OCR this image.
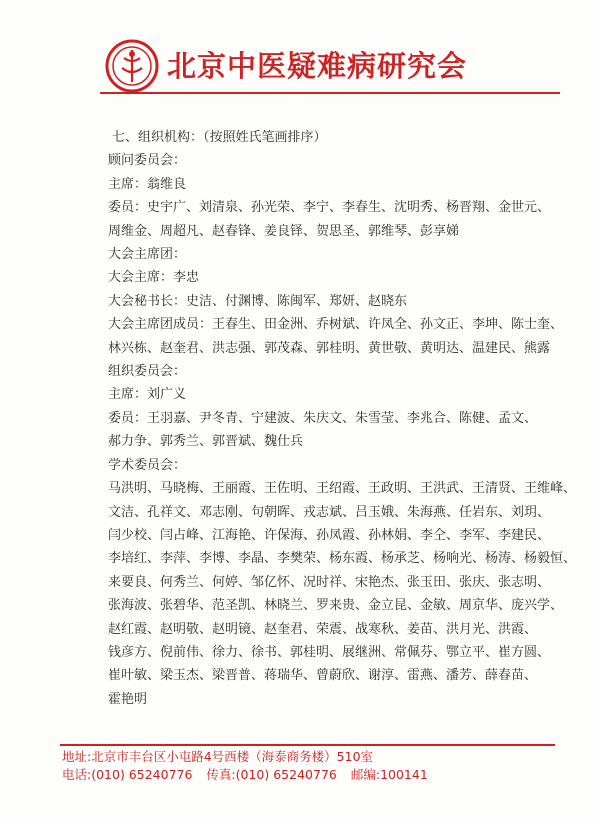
北京中医疑难病研究会
七、组织机构：（按照姓氏笔画排序）
顾问委员会：
主席：翁维良
委员：史宇广、刘清泉、孙光荣、李宁、李春生、沈明秀、杨晋翔、金世元、
周维金、周超凡、赵春锋、姜良铎、贺思圣、郭维琴、彭享娣
大会主席团：
大会主席：李忠
大会秘书长：史洁、付渊博、陈闽军、郑妍、赵晓东
大会主席团成员：王春生、田金洲、乔树斌、许凤全、孙文正、李坤、陈士奎、
林兴栋、赵奎君、洪志强、郭茂森、郭桂明、黄世敬、黄明达、温建民、熊露
组织委员会：
主席：刘广义
委员：王羽嘉、尹冬青、宁建波、朱庆文、朱雪莹、李兆合、陈健、孟文、
郝力争、郭秀兰、郭晋斌、魏仕兵
学术委员会：
马洪明、马晓梅、王丽霞、王佐明、王绍霞、王政明、王洪武、王清贤、王维峰、
文洁、孔祥文、邓志刚、句朝晖、戎志斌、吕玉娥、朱海燕、任岩东、刘玥、
闫少校、闫占峰、江海艳、许保海、孙凤霞、孙林娟、李仝、李军、李建民、
李培红、李萍、李博、李晶、李樊荣、杨东霞、杨承芝、杨响光、杨涛、杨毅恒、
来要良、何秀兰、何婷、邹亿怀、况时祥、宋艳杰、张玉田、张庆、张志明、
张海波、张碧华、范圣凯、林晓兰、罗来贵、金立昆、金敏、周京华、庞兴学、
赵红霞、赵明敬、赵明镜、赵奎君、荣震、战寒秋、姜苗、洪月光、洪霞、
钱彦方、倪前伟、徐力、徐书、郭桂明、展继洲、常佩芬、鄂立平、崔方圆、
崔叶敏、梁玉杰、梁晋普、蒋瑞华、曾蔚欣、谢淳、雷燕、潘芳、薛春苗、
霍艳明
地址:北京市丰台区小屯路4号西楼（海泰商务楼）510室
电话:(010) 65240776 传真:(010) 65240776 邮编:100141
